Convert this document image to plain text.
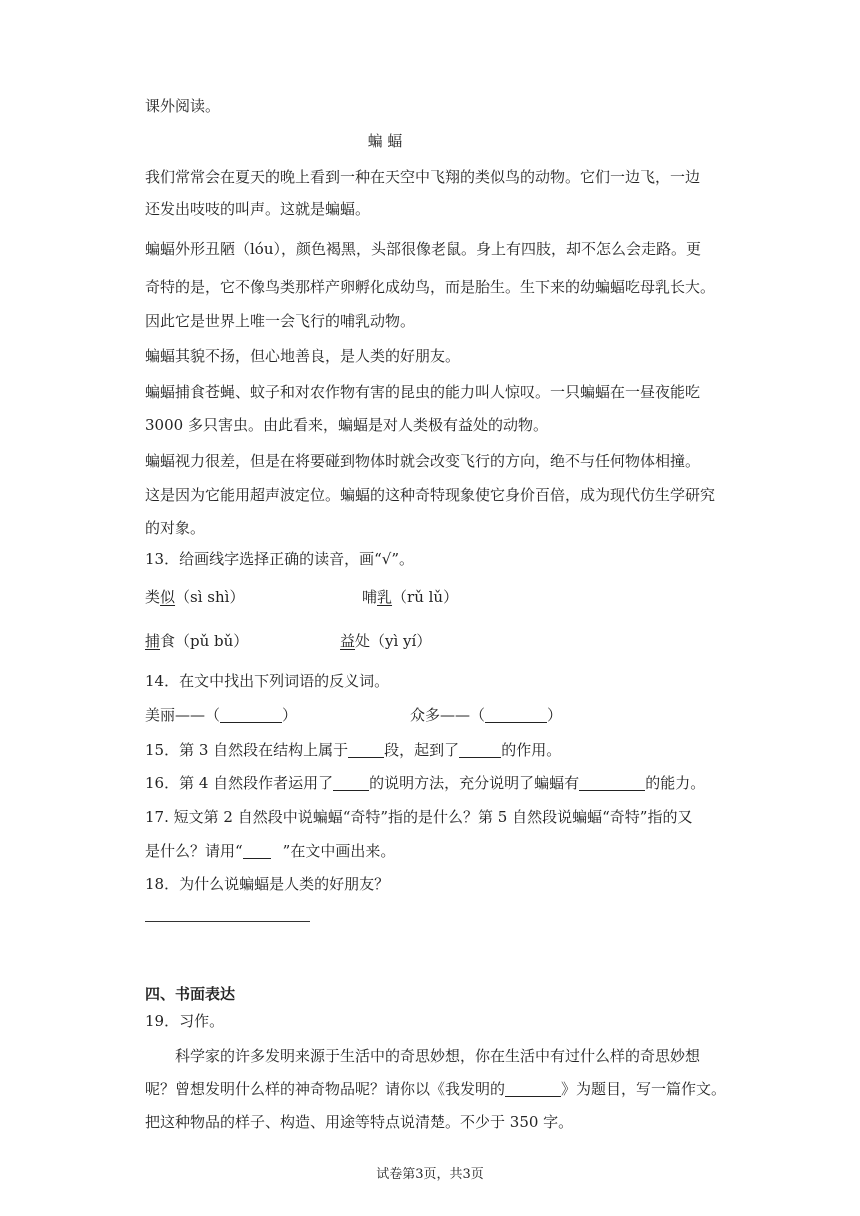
课外阅读。
蝙 蝠
我们常常会在夏天的晚上看到一种在天空中飞翔的类似鸟的动物。它们一边飞，一边
还发出吱吱的叫声。这就是蝙蝠。
蝙蝠外形丑陋（lóu），颜色褐黑，头部很像老鼠。身上有四肢，却不怎么会走路。更
奇特的是，它不像鸟类那样产卵孵化成幼鸟，而是胎生。生下来的幼蝙蝠吃母乳长大。
因此它是世界上唯一会飞行的哺乳动物。
蝙蝠其貌不扬，但心地善良，是人类的好朋友。
蝙蝠捕食苍蝇、蚊子和对农作物有害的昆虫的能力叫人惊叹。一只蝙蝠在一昼夜能吃
3000 多只害虫。由此看来，蝙蝠是对人类极有益处的动物。
蝙蝠视力很差，但是在将要碰到物体时就会改变飞行的方向，绝不与任何物体相撞。
这是因为它能用超声波定位。蝙蝠的这种奇特现象使它身价百倍，成为现代仿生学研究
的对象。
13．给画线字选择正确的读音，画“√”。
类似（sì shì）	哺乳（rǔ lǔ）
捕食（pǔ bǔ）	益处（yì yí）
14．在文中找出下列词语的反义词。
美丽——（	）	众多——（	）
15．第 3 自然段在结构上属于 段，起到了	的作用。
16．第 4 自然段作者运用了 的说明方法，充分说明了蝙蝠有	的能力。
17. 短文第 2 自然段中说蝙蝠“奇特”指的是什么？第 5 自然段说蝙蝠“奇特”指的又
是什么？请用“	”在文中画出来。
18．为什么说蝙蝠是人类的好朋友？
四、书面表达
19．习作。
科学家的许多发明来源于生活中的奇思妙想，你在生活中有过什么样的奇思妙想
呢？曾想发明什么样的神奇物品呢？请你以《我发明的	》为题目，写一篇作文。
把这种物品的样子、构造、用途等特点说清楚。不少于 350 字。
试卷第3页，共3页
